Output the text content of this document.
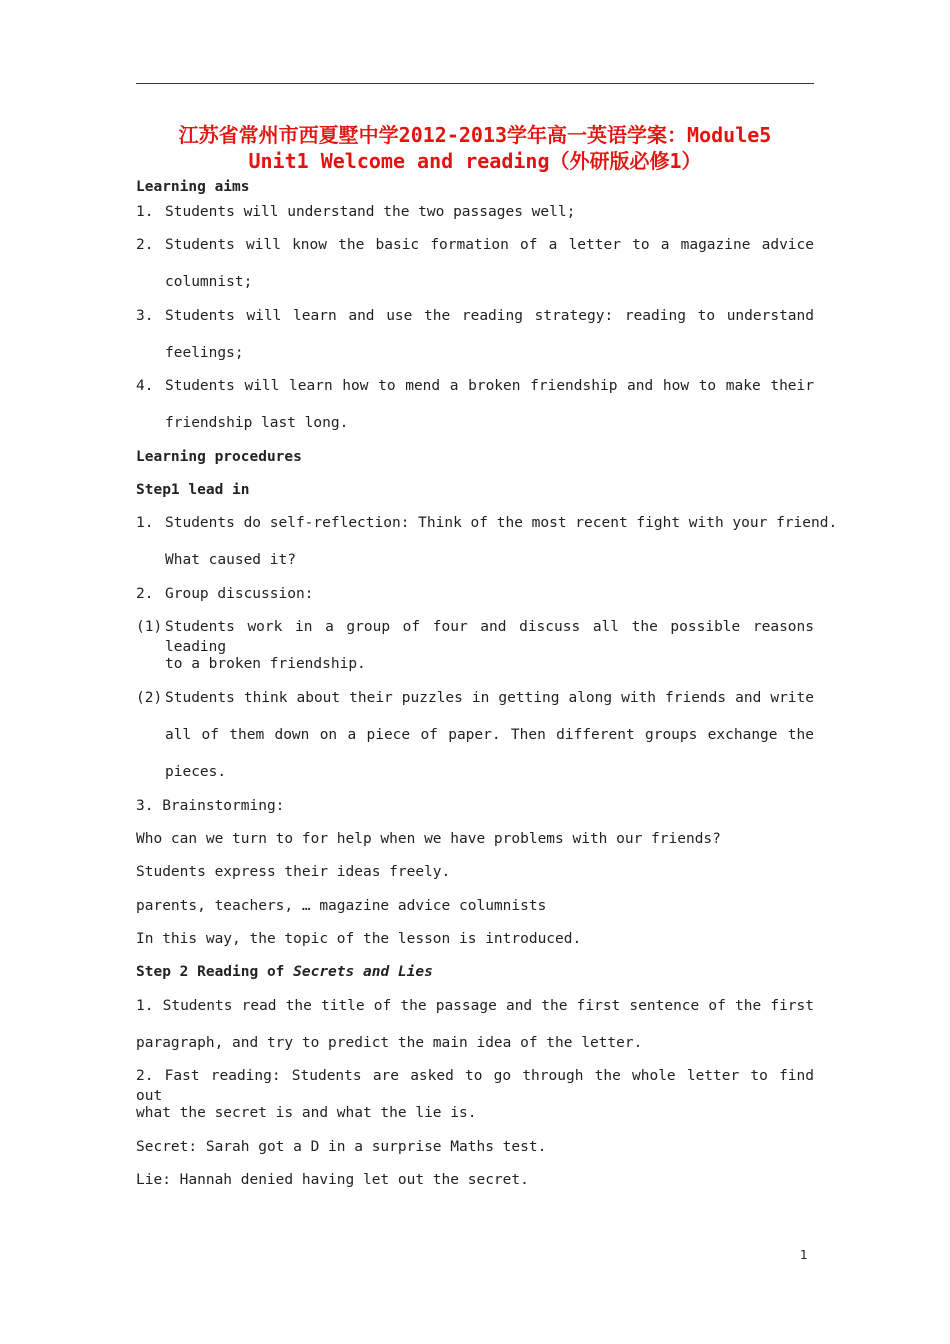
江苏省常州市西夏墅中学2012-2013学年高一英语学案：Module5
Unit1 Welcome and reading（外研版必修1）
Learning aims
1. Students will understand the two passages well;
2. Students will know the basic formation of a letter to a magazine advice
columnist;
3. Students will learn and use the reading strategy: reading to understand
feelings;
4. Students will learn how to mend a broken friendship and how to make their
friendship last long.
Learning procedures
Step1 lead in
1. Students do self-reflection: Think of the most recent fight with your friend.
What caused it?
2. Group discussion:
(1) Students work in a group of four and discuss all the possible reasons leading
to a broken friendship.
(2) Students think about their puzzles in getting along with friends and write
all of them down on a piece of paper. Then different groups exchange the
pieces.
3. Brainstorming:
Who can we turn to for help when we have problems with our friends?
Students express their ideas freely.
parents, teachers, … magazine advice columnists
In this way, the topic of the lesson is introduced.
Step 2 Reading of Secrets and Lies
1. Students read the title of the passage and the first sentence of the first
paragraph, and try to predict the main idea of the letter.
2. Fast reading: Students are asked to go through the whole letter to find out
what the secret is and what the lie is.
Secret: Sarah got a D in a surprise Maths test.
Lie: Hannah denied having let out the secret.
1
